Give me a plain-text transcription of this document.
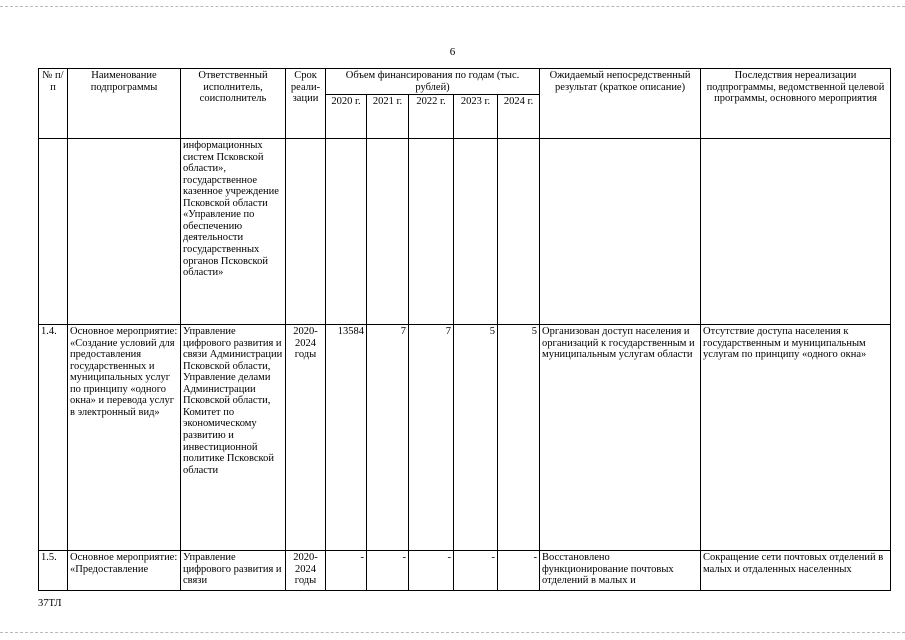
6
№ п/п	Наименование подпрограммы	Ответственный исполнитель, соисполнитель	Срок реали-зации	Объем финансирования по годам (тыс. рублей)					Ожидаемый непосредственный результат (краткое описание)	Последствия нереализации подпрограммы, ведомственной целевой программы, основного мероприятия
				2020 г.	2021 г.	2022 г.	2023 г.	2024 г.		
		информационных систем Псковской области», государственное казенное учреждение Псковской области «Управление по обеспечению деятельности государственных органов Псковской области»								
1.4.	Основное мероприятие: «Создание условий для предоставления государственных и муниципальных услуг по принципу «одного окна» и перевода услуг в электронный вид»	Управление цифрового развития и связи Администрации Псковской области, Управление делами Администрации Псковской области, Комитет по экономическому развитию и инвестиционной политике Псковской области	2020-2024 годы	13584	7	7	5	5	Организован доступ населения и организаций к государственным и муниципальным услугам области	Отсутствие доступа населения к государственным и муниципальным услугам по принципу «одного окна»
1.5.	Основное мероприятие: «Предоставление	Управление цифрового развития и связи	2020-2024 годы	-	-	-	-	-	Восстановлено функционирование почтовых отделений в малых и	Сокращение сети почтовых отделений в малых и отдаленных населенных
37ТЛ
